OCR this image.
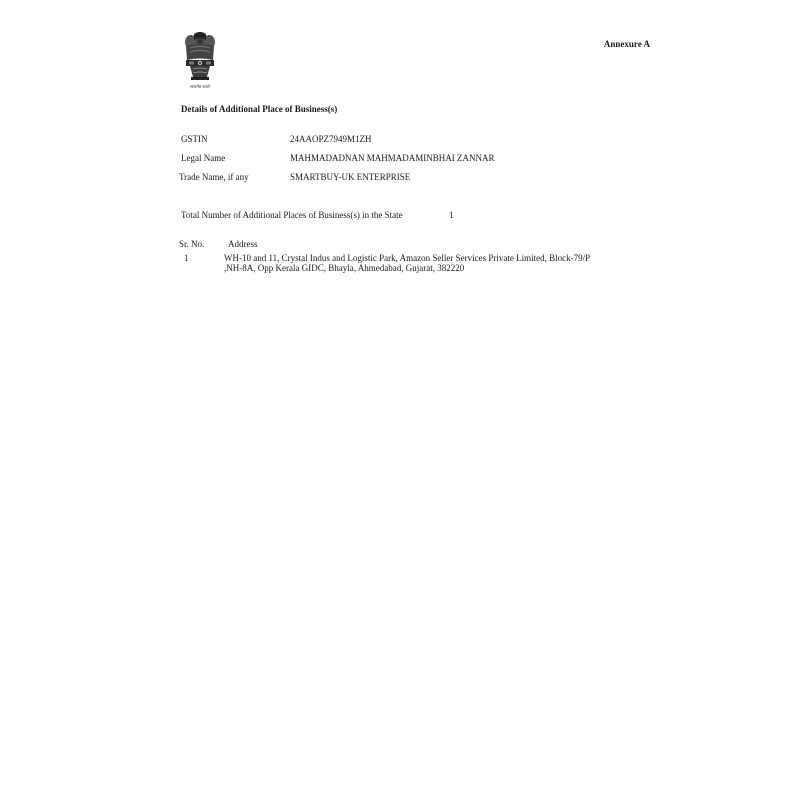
सत्यमेव जयते
Annexure A
Details of Additional Place of Business(s)
GSTIN	24AAOPZ7949M1ZH
Legal Name	MAHMADADNAN MAHMADAMINBHAI ZANNAR
Trade Name, if any	SMARTBUY-UK ENTERPRISE
Total Number of Additional Places of Business(s) in the State	1
Sr. No.	Address
1	WH-10 and 11, Crystal Indus and Logistic Park, Amazon Seller Services Private Limited, Block-79/P
,NH-8A, Opp Kerala GIDC, Bhayla, Ahmedabad, Gujarat, 382220
